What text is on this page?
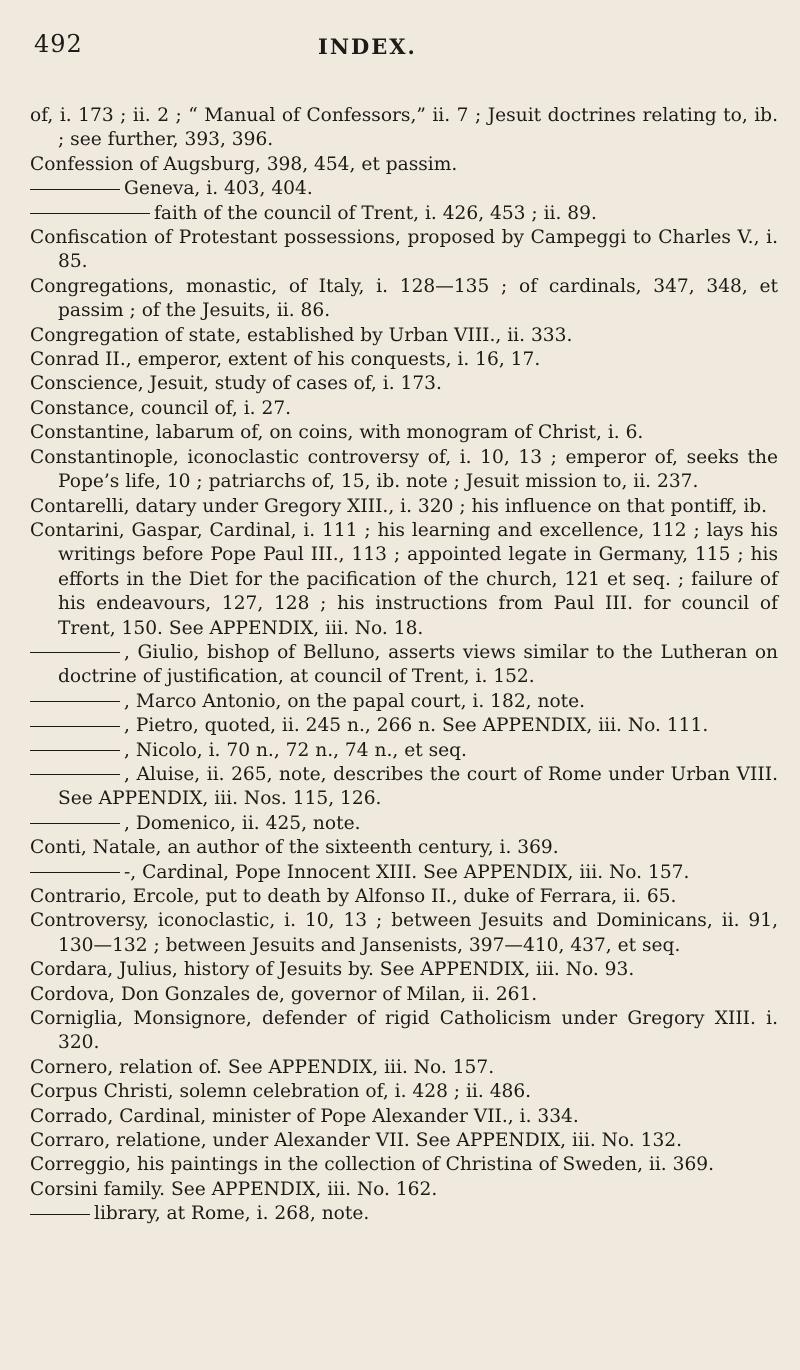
492	INDEX.

of, i. 173 ; ii. 2 ; “ Manual of Confessors,” ii. 7 ; Jesuit doctrines relating to, ib. ; see further, 393, 396.

Confession of Augsburg, 398, 454, et passim.

Geneva, i. 403, 404.

faith of the council of Trent, i. 426, 453 ; ii. 89.

Confiscation of Protestant possessions, proposed by Campeggi to Charles V., i. 85.

Congregations, monastic, of Italy, i. 128—135 ; of cardinals, 347, 348, et passim ; of the Jesuits, ii. 86.

Congregation of state, established by Urban VIII., ii. 333.

Conrad II., emperor, extent of his conquests, i. 16, 17.

Conscience, Jesuit, study of cases of, i. 173.

Constance, council of, i. 27.

Constantine, labarum of, on coins, with monogram of Christ, i. 6.

Constantinople, iconoclastic controversy of, i. 10, 13 ; emperor of, seeks the Pope’s life, 10 ; patriarchs of, 15, ib. note ; Jesuit mission to, ii. 237.

Contarelli, datary under Gregory XIII., i. 320 ; his influence on that pontiff, ib.

Contarini, Gaspar, Cardinal, i. 111 ; his learning and excellence, 112 ; lays his writings before Pope Paul III., 113 ; appointed legate in Germany, 115 ; his efforts in the Diet for the pacification of the church, 121 et seq. ; failure of his endeavours, 127, 128 ; his instructions from Paul III. for council of Trent, 150. See APPENDIX, iii. No. 18.

, Giulio, bishop of Belluno, asserts views similar to the Lutheran on doctrine of justification, at council of Trent, i. 152.

, Marco Antonio, on the papal court, i. 182, note.

, Pietro, quoted, ii. 245 n., 266 n. See APPENDIX, iii. No. 111.

, Nicolo, i. 70 n., 72 n., 74 n., et seq.

, Aluise, ii. 265, note, describes the court of Rome under Urban VIII. See APPENDIX, iii. Nos. 115, 126.

, Domenico, ii. 425, note.

Conti, Natale, an author of the sixteenth century, i. 369.

-, Cardinal, Pope Innocent XIII. See APPENDIX, iii. No. 157.

Contrario, Ercole, put to death by Alfonso II., duke of Ferrara, ii. 65.

Controversy, iconoclastic, i. 10, 13 ; between Jesuits and Dominicans, ii. 91, 130—132 ; between Jesuits and Jansenists, 397—410, 437, et seq.

Cordara, Julius, history of Jesuits by. See APPENDIX, iii. No. 93.

Cordova, Don Gonzales de, governor of Milan, ii. 261.

Corniglia, Monsignore, defender of rigid Catholicism under Gregory XIII. i. 320.

Cornero, relation of. See APPENDIX, iii. No. 157.

Corpus Christi, solemn celebration of, i. 428 ; ii. 486.

Corrado, Cardinal, minister of Pope Alexander VII., i. 334.

Corraro, relatione, under Alexander VII. See APPENDIX, iii. No. 132.

Correggio, his paintings in the collection of Christina of Sweden, ii. 369.

Corsini family. See APPENDIX, iii. No. 162.

library, at Rome, i. 268, note.
